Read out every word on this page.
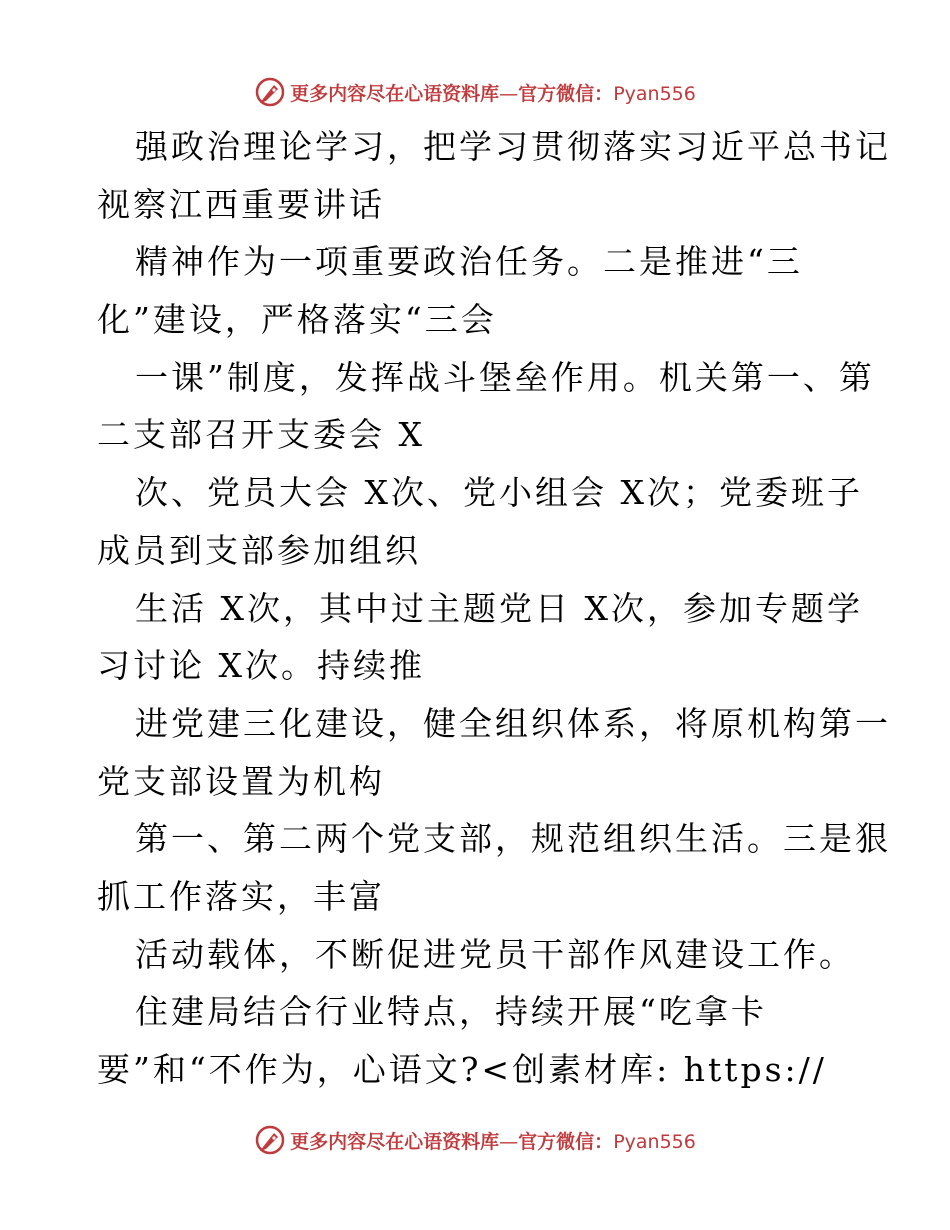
更多内容尽在心语资料库—官方微信：Pyan556
强政治理论学习，把学习贯彻落实习近平总书记
视察江西重要讲话
精神作为一项重要政治任务。二是推进“三
化”建设，严格落实“三会
一课”制度，发挥战斗堡垒作用。机关第一、第
二支部召开支委会 X
次、党员大会 X次、党小组会 X次；党委班子
成员到支部参加组织
生活 X次，其中过主题党日 X次，参加专题学
习讨论 X次。持续推
进党建三化建设，健全组织体系，将原机构第一
党支部设置为机构
第一、第二两个党支部，规范组织生活。三是狠
抓工作落实，丰富
活动载体，不断促进党员干部作风建设工作。
住建局结合行业特点，持续开展“吃拿卡
要”和“不作为，心语文?<创素材库: https://
更多内容尽在心语资料库—官方微信：Pyan556
